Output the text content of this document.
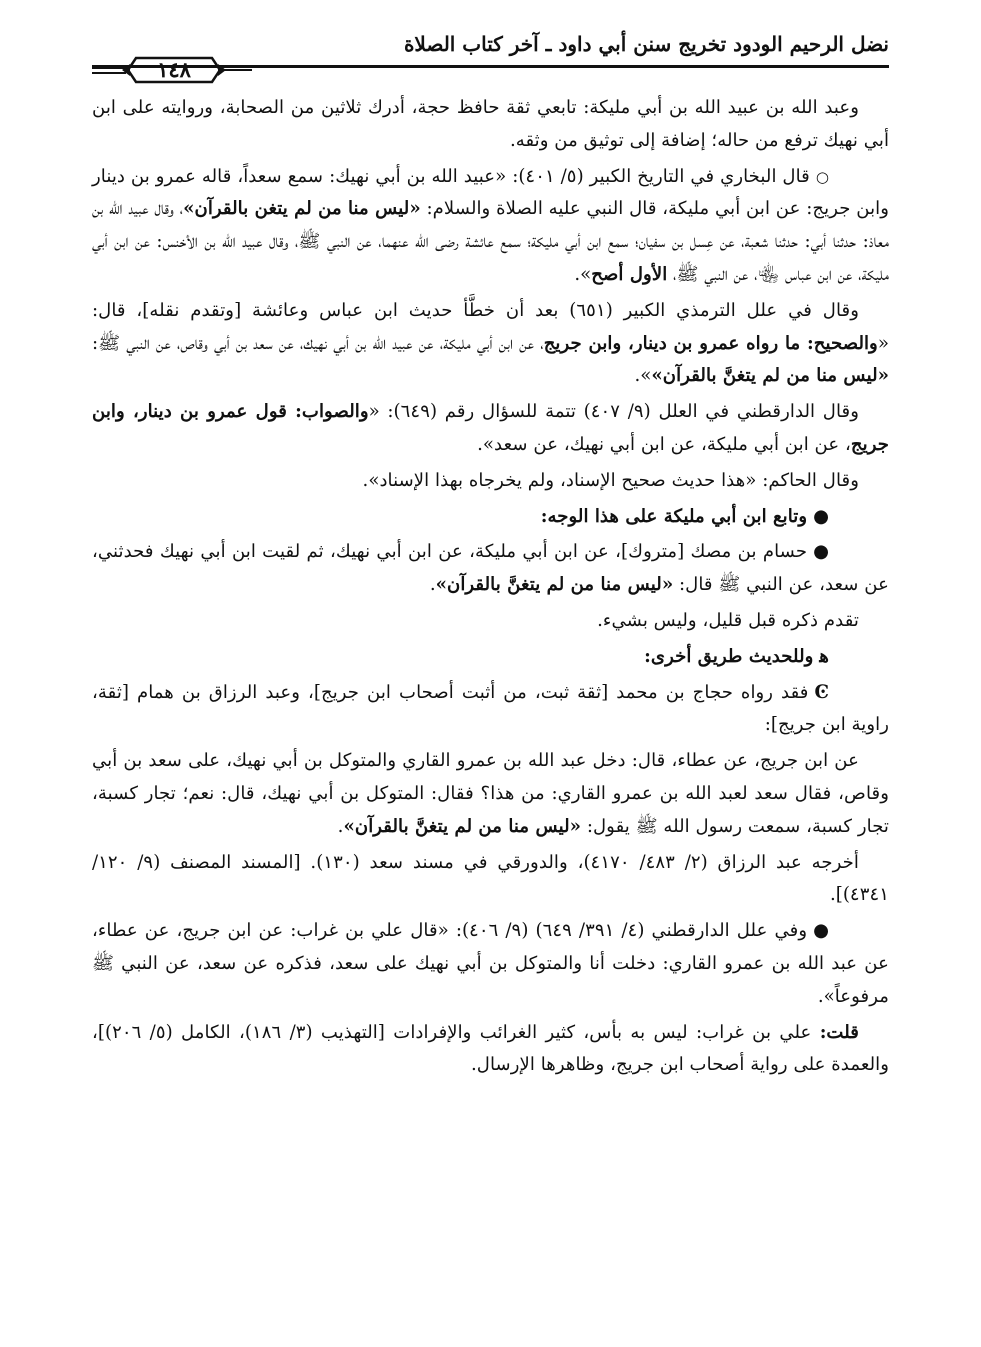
نضل الرحيم الودود تخريج سنن أبي داود ـ آخر كتاب الصلاة
١٤٨

وعبد الله بن عبيد الله بن أبي مليكة: تابعي ثقة حافظ حجة، أدرك ثلاثين من الصحابة، وروايته على ابن أبي نهيك ترفع من حاله؛ إضافة إلى توثيق من وثقه.

○قال البخاري في التاريخ الكبير (٥/ ٤٠١): «عبيد الله بن أبي نهيك: سمع سعداً، قاله عمرو بن دينار وابن جريج: عن ابن أبي مليكة، قال النبي عليه الصلاة والسلام: «ليس منا من لم يتغن بالقرآن»، وقال عبيد الله بن معاذ: حدثنا أبي: حدثنا شعبة، عن عِسل بن سفيان؛ سمع ابن أبي مليكة؛ سمع عائشة رضى الله عنهما، عن النبي ﷺ، وقال عبيد الله بن الأخنس: عن ابن أبي مليكة، عن ابن عباس ﵄، عن النبي ﷺ، الأول أصح».

وقال في علل الترمذي الكبير (٦٥١) بعد أن خطَّأ حديث ابن عباس وعائشة [وتقدم نقله]، قال: «والصحيح: ما رواه عمرو بن دينار، وابن جريج، عن ابن أبي مليكة، عن عبيد الله بن أبي نهيك، عن سعد بن أبي وقاص، عن النبي ﷺ: «ليس منا من لم يتغنَّ بالقرآن»».

وقال الدارقطني في العلل (٩/ ٤٠٧) تتمة للسؤال رقم (٦٤٩): «والصواب: قول عمرو بن دينار، وابن جريج، عن ابن أبي مليكة، عن ابن أبي نهيك، عن سعد».

وقال الحاكم: «هذا حديث صحيح الإسناد، ولم يخرجاه بهذا الإسناد».

●وتابع ابن أبي مليكة على هذا الوجه:

●حسام بن مصك [متروك]، عن ابن أبي مليكة، عن ابن أبي نهيك، ثم لقيت ابن أبي نهيك فحدثني، عن سعد، عن النبي ﷺ قال: «ليس منا من لم يتغنَّ بالقرآن».

تقدم ذكره قبل قليل، وليس بشيء.

ﻫوللحديث طريق أخرى:

Ͼفقد رواه حجاج بن محمد [ثقة ثبت، من أثبت أصحاب ابن جريج]، وعبد الرزاق بن همام [ثقة، راوية ابن جريج]:

عن ابن جريج، عن عطاء، قال: دخل عبد الله بن عمرو القاري والمتوكل بن أبي نهيك، على سعد بن أبي وقاص، فقال سعد لعبد الله بن عمرو القاري: من هذا؟ فقال: المتوكل بن أبي نهيك، قال: نعم؛ تجار كسبة، تجار كسبة، سمعت رسول الله ﷺ يقول: «ليس منا من لم يتغنَّ بالقرآن».

أخرجه عبد الرزاق (٢/ ٤٨٣/ ٤١٧٠)، والدورقي في مسند سعد (١٣٠). [المسند المصنف (٩/ ١٢٠/ ٤٣٤١)].

●وفي علل الدارقطني (٤/ ٣٩١/ ٦٤٩) (٩/ ٤٠٦): «قال علي بن غراب: عن ابن جريج، عن عطاء، عن عبد الله بن عمرو القاري: دخلت أنا والمتوكل بن أبي نهيك على سعد، فذكره عن سعد، عن النبي ﷺ مرفوعاً».

قلت: علي بن غراب: ليس به بأس، كثير الغرائب والإفرادات [التهذيب (٣/ ١٨٦)، الكامل (٥/ ٢٠٦)]، والعمدة على رواية أصحاب ابن جريج، وظاهرها الإرسال.
